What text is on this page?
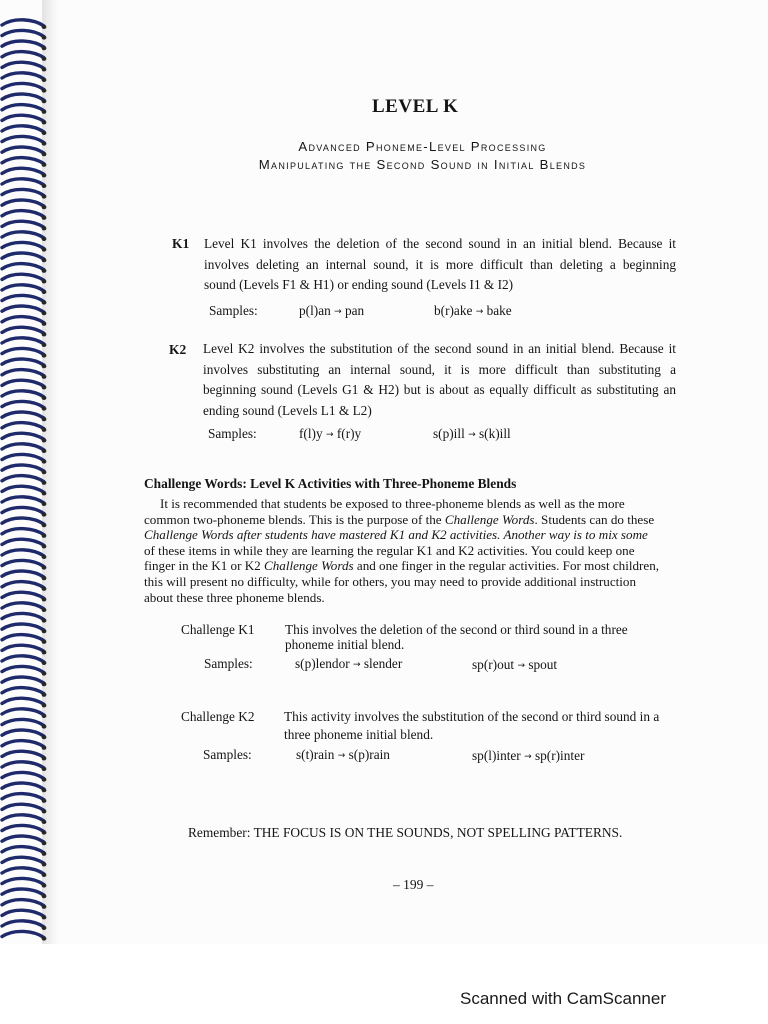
LEVEL K
Advanced Phoneme-Level Processing
Manipulating the Second Sound in Initial Blends
K1 Level K1 involves the deletion of the second sound in an initial blend. Because it
involves deleting an internal sound, it is more difficult than deleting a beginning
sound (Levels F1 & H1) or ending sound (Levels I1 & I2)
Samples:	p(l)an → pan	b(r)ake → bake
K2 Level K2 involves the substitution of the second sound in an initial blend. Because it
involves substituting an internal sound, it is more difficult than substituting a
beginning sound (Levels G1 & H2) but is about as equally difficult as substituting an
ending sound (Levels L1 & L2)
Samples:	f(l)y → f(r)y	s(p)ill → s(k)ill
Challenge Words: Level K Activities with Three-Phoneme Blends
It is recommended that students be exposed to three-phoneme blends as well as the more
common two-phoneme blends. This is the purpose of the Challenge Words. Students can do these
Challenge Words after students have mastered K1 and K2 activities. Another way is to mix some
of these items in while they are learning the regular K1 and K2 activities. You could keep one
finger in the K1 or K2 Challenge Words and one finger in the regular activities. For most children,
this will present no difficulty, while for others, you may need to provide additional instruction
about these three phoneme blends.
Challenge K1 This involves the deletion of the second or third sound in a three
phoneme initial blend.
Samples:	s(p)lendor → slender	sp(r)out → spout
Challenge K2 This activity involves the substitution of the second or third sound in a
three phoneme initial blend.
Samples:	s(t)rain → s(p)rain	sp(l)inter → sp(r)inter
Remember: THE FOCUS IS ON THE SOUNDS, NOT SPELLING PATTERNS.
– 199 –
Scanned with CamScanner
